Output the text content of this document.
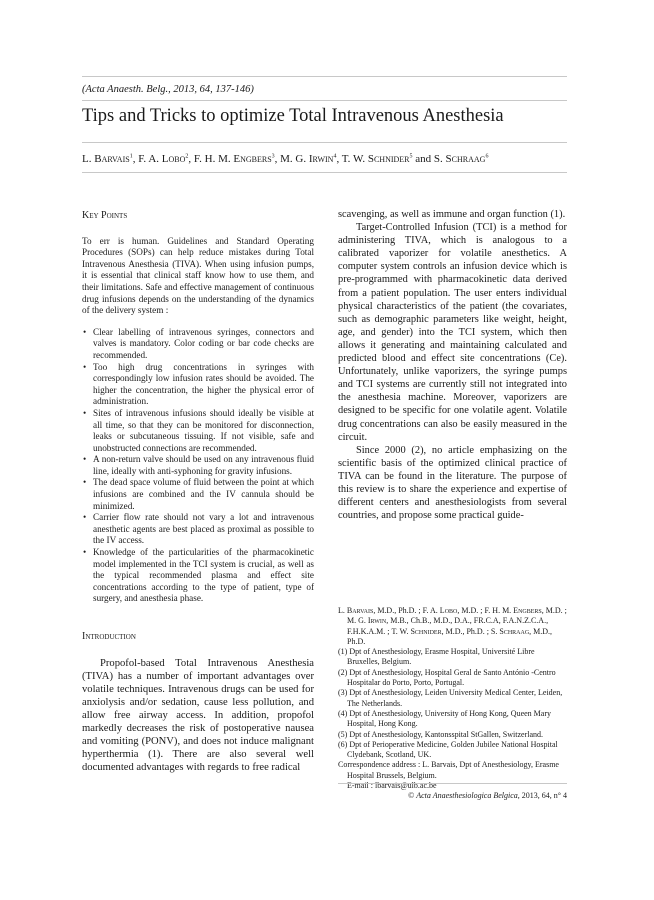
(Acta Anaesth. Belg., 2013, 64, 137-146)
Tips and Tricks to optimize Total Intravenous Anesthesia
L. Barvais$^1$, F. A. Lobo$^2$, F. H. M. Engbers$^3$, M. G. Irwin$^4$, T. W. Schnider$^5$ and S. Schraag$^6$
Key Points

To err is human. Guidelines and Standard Operating Procedures (SOPs) can help reduce mistakes during Total Intravenous Anesthesia (TIVA). When using infusion pumps, it is essential that clinical staff know how to use them, and their limitations. Safe and effective management of continuous drug infusions depends on the understanding of the dynamics of the delivery system :

• Clear labelling of intravenous syringes, connectors and valves is mandatory. Color coding or bar code checks are recommended.
• Too high drug concentrations in syringes with correspondingly low infusion rates should be avoided. The higher the concentration, the higher the physical error of administration.
• Sites of intravenous infusions should ideally be visible at all time, so that they can be monitored for disconnection, leaks or subcutaneous tissuing. If not visible, safe and unobstructed connections are recommended.
• A non-return valve should be used on any intravenous fluid line, ideally with anti-syphoning for gravity infusions.
• The dead space volume of fluid between the point at which infusions are combined and the IV cannula should be minimized.
• Carrier flow rate should not vary a lot and intravenous anesthetic agents are best placed as proximal as possible to the IV access.
• Knowledge of the particularities of the pharmacokinetic model implemented in the TCI system is crucial, as well as the typical recommended plasma and effect site concentrations according to the type of patient, type of surgery, and anesthesia phase.
Introduction

Propofol-based Total Intravenous Anesthesia (TIVA) has a number of important advantages over volatile techniques. Intravenous drugs can be used for anxiolysis and/or sedation, cause less pollution, and allow free airway access. In addition, propofol markedly decreases the risk of postoperative nausea and vomiting (PONV), and does not induce malignant hyperthermia (1). There are also several well documented advantages with regards to free radical

scavenging, as well as immune and organ function (1).

Target-Controlled Infusion (TCI) is a method for administering TIVA, which is analogous to a calibrated vaporizer for volatile anesthetics. A computer system controls an infusion device which is pre-programmed with pharmacokinetic data derived from a patient population. The user enters individual physical characteristics of the patient (the covariates, such as demographic parameters like weight, height, age, and gender) into the TCI system, which then allows it generating and maintaining calculated and predicted blood and effect site concentrations (Ce). Unfortunately, unlike vaporizers, the syringe pumps and TCI systems are currently still not integrated into the anesthesia machine. Moreover, vaporizers are designed to be specific for one volatile agent. Volatile drug concentrations can also be easily measured in the circuit.

Since 2000 (2), no article emphasizing on the scientific basis of the optimized clinical practice of TIVA can be found in the literature. The purpose of this review is to share the experience and expertise of different centers and anesthesiologists from several countries, and propose some practical guide-

L. Barvais, M.D., Ph.D. ; F. A. Lobo, M.D. ; F. H. M. Engbers, M.D. ; M. G. Irwin, M.B., Ch.B., M.D., D.A., FR.C.A, F.A.N.Z.C.A., F.H.K.A.M. ; T. W. Schnider, M.D., Ph.D. ; S. Schraag, M.D., Ph.D.

(1) Dpt of Anesthesiology, Erasme Hospital, Université Libre Bruxelles, Belgium.

(2) Dpt of Anesthesiology, Hospital Geral de Santo António -Centro Hospitalar do Porto, Porto, Portugal.

(3) Dpt of Anesthesiology, Leiden University Medical Center, Leiden, The Netherlands.

(4) Dpt of Anesthesiology, University of Hong Kong, Queen Mary Hospital, Hong Kong.

(5) Dpt of Anesthesiology, Kantonsspital StGallen, Switzerland.

(6) Dpt of Perioperative Medicine, Golden Jubilee National Hospital Clydebank, Scotland, UK.

Correspondence address : L. Barvais, Dpt of Anesthesiology, Erasme Hospital Brussels, Belgium.

E-mail : lbarvais@ulb.ac.be

© Acta Anaesthesiologica Belgica, 2013, 64, n° 4
